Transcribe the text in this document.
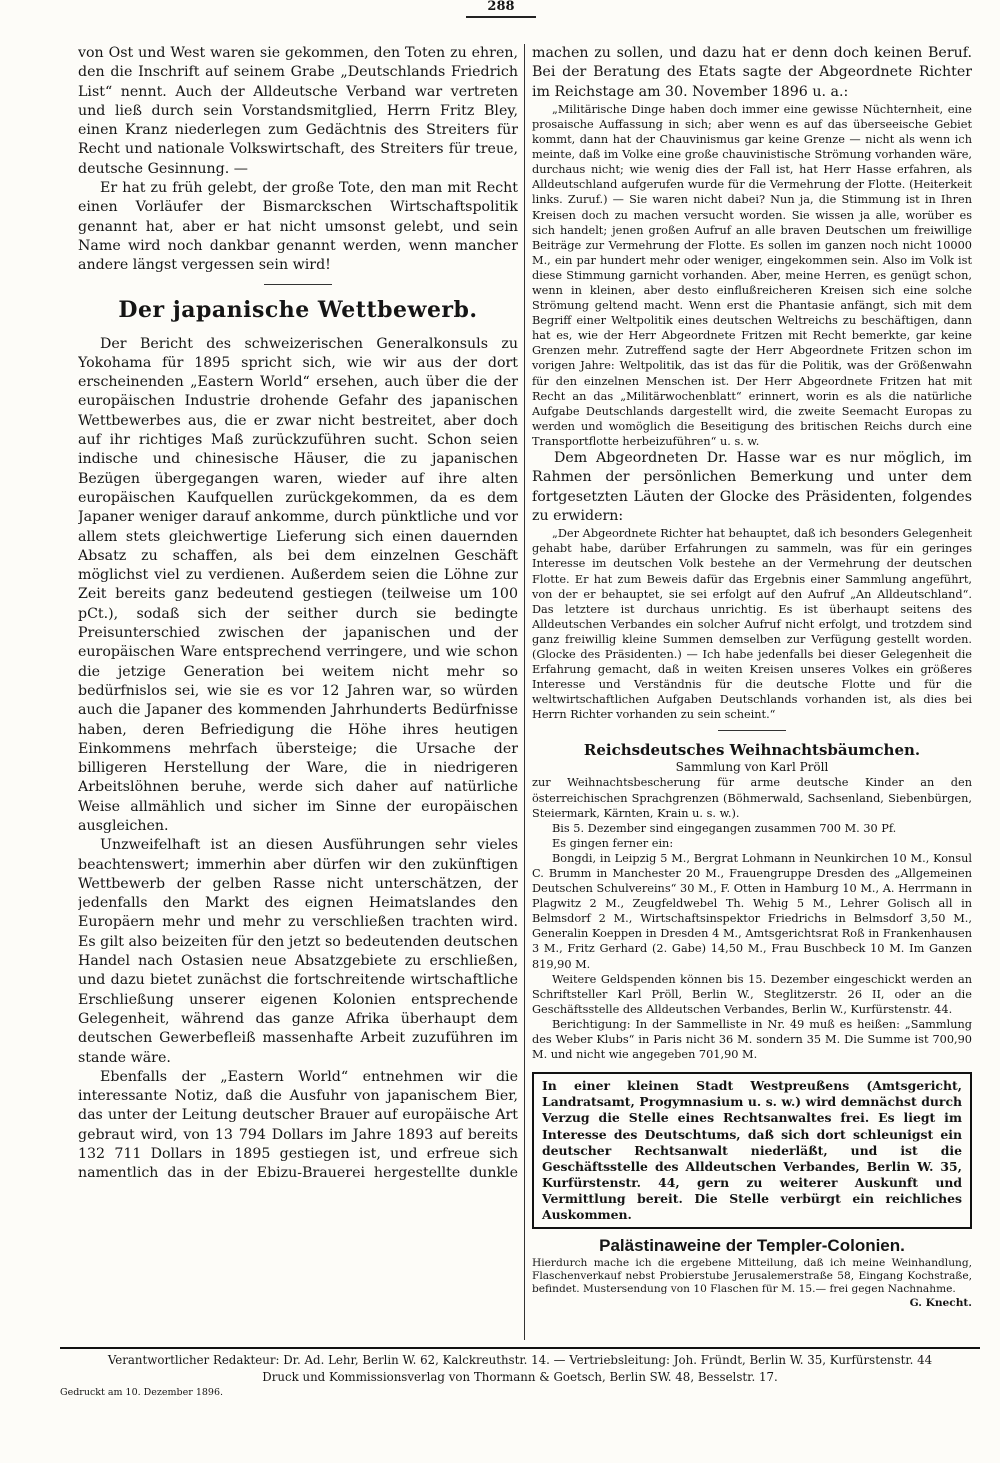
288

von Ost und West waren sie gekommen, den Toten zu ehren, den die Inschrift auf seinem Grabe „Deutschlands Friedrich List“ nennt. Auch der Alldeutsche Verband war vertreten und ließ durch sein Vorstandsmitglied, Herrn Fritz Bley, einen Kranz niederlegen zum Gedächtnis des Streiters für Recht und nationale Volkswirtschaft, des Streiters für treue, deutsche Gesinnung. —

Er hat zu früh gelebt, der große Tote, den man mit Recht einen Vorläufer der Bismarckschen Wirtschaftspolitik genannt hat, aber er hat nicht umsonst gelebt, und sein Name wird noch dankbar genannt werden, wenn mancher andere längst vergessen sein wird!

Der japanische Wettbewerb.

Der Bericht des schweizerischen Generalkonsuls zu Yokohama für 1895 spricht sich, wie wir aus der dort erscheinenden „Eastern World“ ersehen, auch über die der europäischen Industrie drohende Gefahr des japanischen Wettbewerbes aus, die er zwar nicht bestreitet, aber doch auf ihr richtiges Maß zurückzuführen sucht. Schon seien indische und chinesische Häuser, die zu japanischen Bezügen übergegangen waren, wieder auf ihre alten europäischen Kaufquellen zurückgekommen, da es dem Japaner weniger darauf ankomme, durch pünktliche und vor allem stets gleichwertige Lieferung sich einen dauernden Absatz zu schaffen, als bei dem einzelnen Geschäft möglichst viel zu verdienen. Außerdem seien die Löhne zur Zeit bereits ganz bedeutend gestiegen (teilweise um 100 pCt.), sodaß sich der seither durch sie bedingte Preisunterschied zwischen der japanischen und der europäischen Ware entsprechend verringere, und wie schon die jetzige Generation bei weitem nicht mehr so bedürfnislos sei, wie sie es vor 12 Jahren war, so würden auch die Japaner des kommenden Jahrhunderts Bedürfnisse haben, deren Befriedigung die Höhe ihres heutigen Einkommens mehrfach übersteige; die Ursache der billigeren Herstellung der Ware, die in niedrigeren Arbeitslöhnen beruhe, werde sich daher auf natürliche Weise allmählich und sicher im Sinne der europäischen ausgleichen.

Unzweifelhaft ist an diesen Ausführungen sehr vieles beachtenswert; immerhin aber dürfen wir den zukünftigen Wettbewerb der gelben Rasse nicht unterschätzen, der jedenfalls den Markt des eignen Heimatslandes den Europäern mehr und mehr zu verschließen trachten wird. Es gilt also beizeiten für den jetzt so bedeutenden deutschen Handel nach Ostasien neue Absatzgebiete zu erschließen, und dazu bietet zunächst die fortschreitende wirtschaftliche Erschließung unserer eigenen Kolonien entsprechende Gelegenheit, während das ganze Afrika überhaupt dem deutschen Gewerbefleiß massenhafte Arbeit zuzuführen im stande wäre.

Ebenfalls der „Eastern World“ entnehmen wir die interessante Notiz, daß die Ausfuhr von japanischem Bier, das unter der Leitung deutscher Brauer auf europäische Art gebraut wird, von 13 794 Dollars im Jahre 1893 auf bereits 132 711 Dollars in 1895 gestiegen ist, und erfreue sich namentlich das in der Ebizu-Brauerei hergestellte dunkle

machen zu sollen, und dazu hat er denn doch keinen Beruf. Bei der Beratung des Etats sagte der Abgeordnete Richter im Reichstage am 30. November 1896 u. a.:

„Militärische Dinge haben doch immer eine gewisse Nüchternheit, eine prosaische Auffassung in sich; aber wenn es auf das überseeische Gebiet kommt, dann hat der Chauvinismus gar keine Grenze — nicht als wenn ich meinte, daß im Volke eine große chauvinistische Strömung vorhanden wäre, durchaus nicht; wie wenig dies der Fall ist, hat Herr Hasse erfahren, als Alldeutschland aufgerufen wurde für die Vermehrung der Flotte. (Heiterkeit links. Zuruf.) — Sie waren nicht dabei? Nun ja, die Stimmung ist in Ihren Kreisen doch zu machen versucht worden. Sie wissen ja alle, worüber es sich handelt; jenen großen Aufruf an alle braven Deutschen um freiwillige Beiträge zur Vermehrung der Flotte. Es sollen im ganzen noch nicht 10000 M., ein par hundert mehr oder weniger, eingekommen sein. Also im Volk ist diese Stimmung garnicht vorhanden. Aber, meine Herren, es genügt schon, wenn in kleinen, aber desto einflußreicheren Kreisen sich eine solche Strömung geltend macht. Wenn erst die Phantasie anfängt, sich mit dem Begriff einer Weltpolitik eines deutschen Weltreichs zu beschäftigen, dann hat es, wie der Herr Abgeordnete Fritzen mit Recht bemerkte, gar keine Grenzen mehr. Zutreffend sagte der Herr Abgeordnete Fritzen schon im vorigen Jahre: Weltpolitik, das ist das für die Politik, was der Größenwahn für den einzelnen Menschen ist. Der Herr Abgeordnete Fritzen hat mit Recht an das „Militärwochenblatt“ erinnert, worin es als die natürliche Aufgabe Deutschlands dargestellt wird, die zweite Seemacht Europas zu werden und womöglich die Beseitigung des britischen Reichs durch eine Transportflotte herbeizuführen“ u. s. w.

Dem Abgeordneten Dr. Hasse war es nur möglich, im Rahmen der persönlichen Bemerkung und unter dem fortgesetzten Läuten der Glocke des Präsidenten, folgendes zu erwidern:

„Der Abgeordnete Richter hat behauptet, daß ich besonders Gelegenheit gehabt habe, darüber Erfahrungen zu sammeln, was für ein geringes Interesse im deutschen Volk bestehe an der Vermehrung der deutschen Flotte. Er hat zum Beweis dafür das Ergebnis einer Sammlung angeführt, von der er behauptet, sie sei erfolgt auf den Aufruf „An Alldeutschland“. Das letztere ist durchaus unrichtig. Es ist überhaupt seitens des Alldeutschen Verbandes ein solcher Aufruf nicht erfolgt, und trotzdem sind ganz freiwillig kleine Summen demselben zur Verfügung gestellt worden. (Glocke des Präsidenten.) — Ich habe jedenfalls bei dieser Gelegenheit die Erfahrung gemacht, daß in weiten Kreisen unseres Volkes ein größeres Interesse und Verständnis für die deutsche Flotte und für die weltwirtschaftlichen Aufgaben Deutschlands vorhanden ist, als dies bei Herrn Richter vorhanden zu sein scheint.“

Reichsdeutsches Weihnachtsbäumchen.
Sammlung von Karl Pröll

zur Weihnachtsbescherung für arme deutsche Kinder an den österreichischen Sprachgrenzen (Böhmerwald, Sachsenland, Siebenbürgen, Steiermark, Kärnten, Krain u. s. w.).

Bis 5. Dezember sind eingegangen zusammen 700 M. 30 Pf.

Es gingen ferner ein:

Bongdi, in Leipzig 5 M., Bergrat Lohmann in Neunkirchen 10 M., Konsul C. Brumm in Manchester 20 M., Frauengruppe Dresden des „Allgemeinen Deutschen Schulvereins“ 30 M., F. Otten in Hamburg 10 M., A. Herrmann in Plagwitz 2 M., Zeugfeldwebel Th. Wehig 5 M., Lehrer Golisch all in Belmsdorf 2 M., Wirtschaftsinspektor Friedrichs in Belmsdorf 3,50 M., Generalin Koeppen in Dresden 4 M., Amtsgerichtsrat Roß in Frankenhausen 3 M., Fritz Gerhard (2. Gabe) 14,50 M., Frau Buschbeck 10 M. Im Ganzen 819,90 M.

Weitere Geldspenden können bis 15. Dezember eingeschickt werden an Schriftsteller Karl Pröll, Berlin W., Steglitzerstr. 26 II, oder an die Geschäftsstelle des Alldeutschen Verbandes, Berlin W., Kurfürstenstr. 44.

Berichtigung: In der Sammelliste in Nr. 49 muß es heißen: „Sammlung des Weber Klubs“ in Paris nicht 36 M. sondern 35 M. Die Summe ist 700,90 M. und nicht wie angegeben 701,90 M.

In einer kleinen Stadt Westpreußens (Amtsgericht, Landratsamt, Progymnasium u. s. w.) wird demnächst durch Verzug die Stelle eines Rechtsanwaltes frei. Es liegt im Interesse des Deutschtums, daß sich dort schleunigst ein deutscher Rechtsanwalt niederläßt, und ist die Geschäftsstelle des Alldeutschen Verbandes, Berlin W. 35, Kurfürstenstr. 44, gern zu weiterer Auskunft und Vermittlung bereit. Die Stelle verbürgt ein reichliches Auskommen.

Palästinaweine der Templer-Colonien.

Hierdurch mache ich die ergebene Mitteilung, daß ich meine Weinhandlung, Flaschenverkauf nebst Probierstube Jerusalemerstraße 58, Eingang Kochstraße, befindet. Mustersendung von 10 Flaschen für M. 15.— frei gegen Nachnahme.

G. Knecht.
Verantwortlicher Redakteur: Dr. Ad. Lehr, Berlin W. 62, Kalckreuthstr. 14. — Vertriebsleitung: Joh. Fründt, Berlin W. 35, Kurfürstenstr. 44
Druck und Kommissionsverlag von Thormann & Goetsch, Berlin SW. 48, Besselstr. 17.
Gedruckt am 10. Dezember 1896.
